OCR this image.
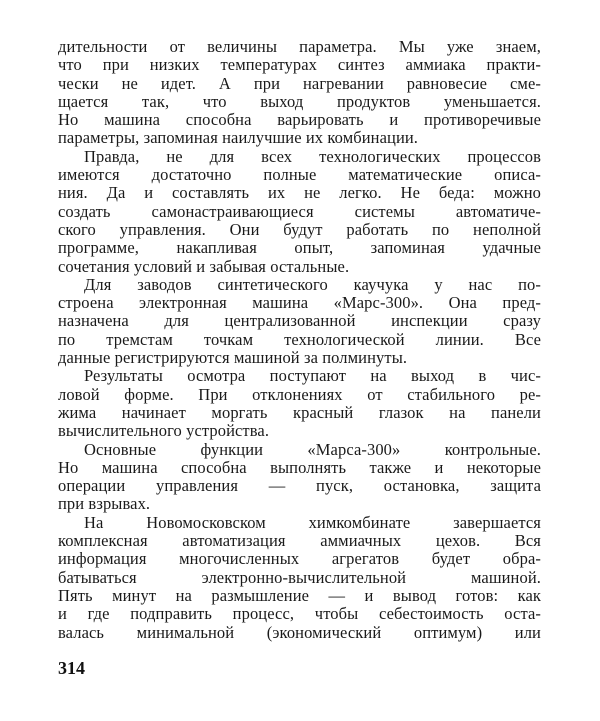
дительности от величины параметра. Мы уже знаем,
что при низких температурах синтез аммиака практи-
чески не идет. А при нагревании равновесие сме-
щается так, что выход продуктов уменьшается.
Но машина способна варьировать и противоречивые
параметры, запоминая наилучшие их комбинации.
Правда, не для всех технологических процессов
имеются достаточно полные математические описа-
ния. Да и составлять их не легко. Не беда: можно
создать самонастраивающиеся системы автоматиче-
ского управления. Они будут работать по неполной
программе, накапливая опыт, запоминая удачные
сочетания условий и забывая остальные.
Для заводов синтетического каучука у нас по-
строена электронная машина «Марс-300». Она пред-
назначена для централизованной инспекции сразу
по тремстам точкам технологической линии. Все
данные регистрируются машиной за полминуты.
Результаты осмотра поступают на выход в чис-
ловой форме. При отклонениях от стабильного ре-
жима начинает моргать красный глазок на панели
вычислительного устройства.
Основные функции «Марса-300» контрольные.
Но машина способна выполнять также и некоторые
операции управления — пуск, остановка, защита
при взрывах.
На Новомосковском химкомбинате завершается
комплексная автоматизация аммиачных цехов. Вся
информация многочисленных агрегатов будет обра-
батываться электронно-вычислительной машиной.
Пять минут на размышление — и вывод готов: как
и где подправить процесс, чтобы себестоимость оста-
валась минимальной (экономический оптимум) или
314
